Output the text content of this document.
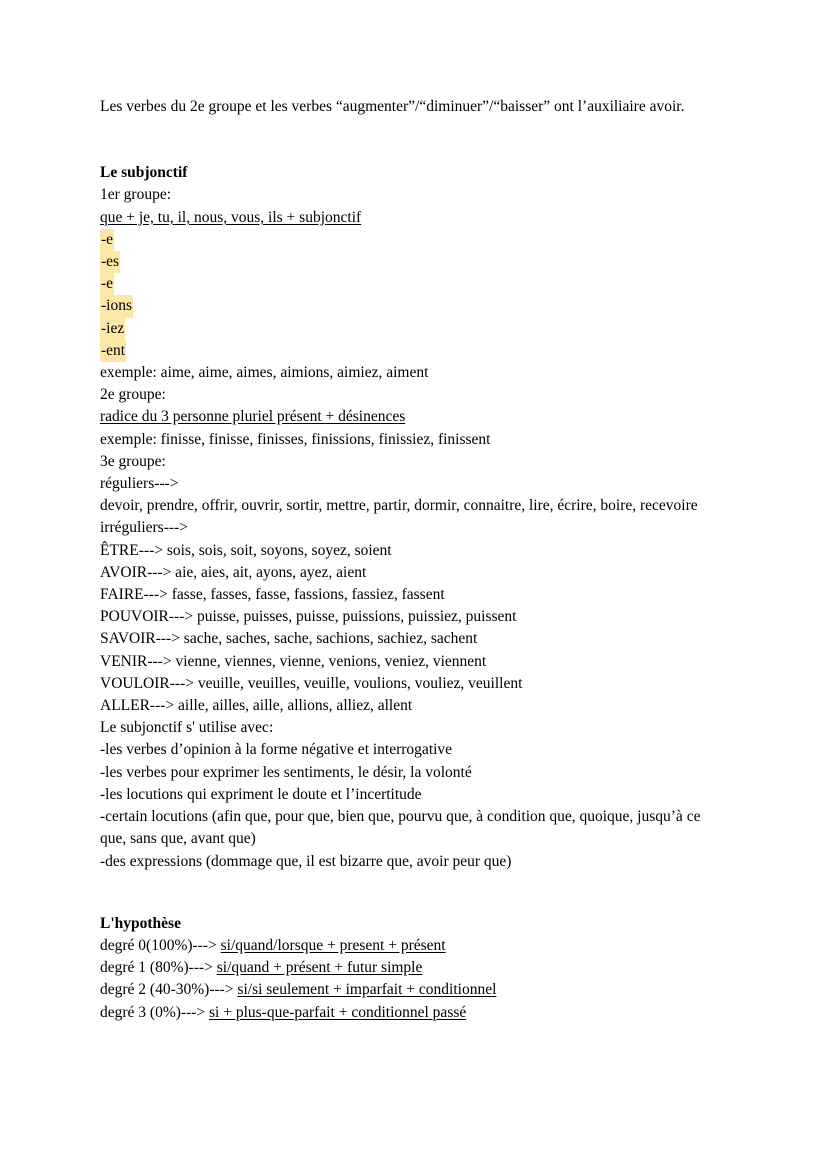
Les verbes du 2e groupe et les verbes “augmenter”/“diminuer”/“baisser” ont l’auxiliaire avoir.

Le subjonctif

1er groupe:

que + je, tu, il, nous, vous, ils + subjonctif

-e

-es

-e

-ions

-iez

-ent

exemple: aime, aime, aimes, aimions, aimiez, aiment

2e groupe:

radice du 3 personne pluriel présent + désinences

exemple: finisse, finisse, finisses, finissions, finissiez, finissent

3e groupe:

réguliers--->

devoir, prendre, offrir, ouvrir, sortir, mettre, partir, dormir, connaitre, lire, écrire, boire, recevoire

irréguliers--->

ÊTRE---> sois, sois, soit, soyons, soyez, soient

AVOIR---> aie, aies, ait, ayons, ayez, aient

FAIRE---> fasse, fasses, fasse, fassions, fassiez, fassent

POUVOIR---> puisse, puisses, puisse, puissions, puissiez, puissent

SAVOIR---> sache, saches, sache, sachions, sachiez, sachent

VENIR---> vienne, viennes, vienne, venions, veniez, viennent

VOULOIR---> veuille, veuilles, veuille, voulions, vouliez, veuillent

ALLER---> aille, ailles, aille, allions, alliez, allent

Le subjonctif s' utilise avec:

-les verbes d’opinion à la forme négative et interrogative

-les verbes pour exprimer les sentiments, le désir, la volonté

-les locutions qui expriment le doute et l’incertitude

-certain locutions (afin que, pour que, bien que, pourvu que, à condition que, quoique, jusqu’à ce que, sans que, avant que)

-des expressions (dommage que, il est bizarre que, avoir peur que)

L'hypothèse

degré 0(100%)---> si/quand/lorsque + present + présent

degré 1 (80%)---> si/quand + présent + futur simple

degré 2 (40-30%)---> si/si seulement + imparfait + conditionnel

degré 3 (0%)---> si + plus-que-parfait + conditionnel passé
